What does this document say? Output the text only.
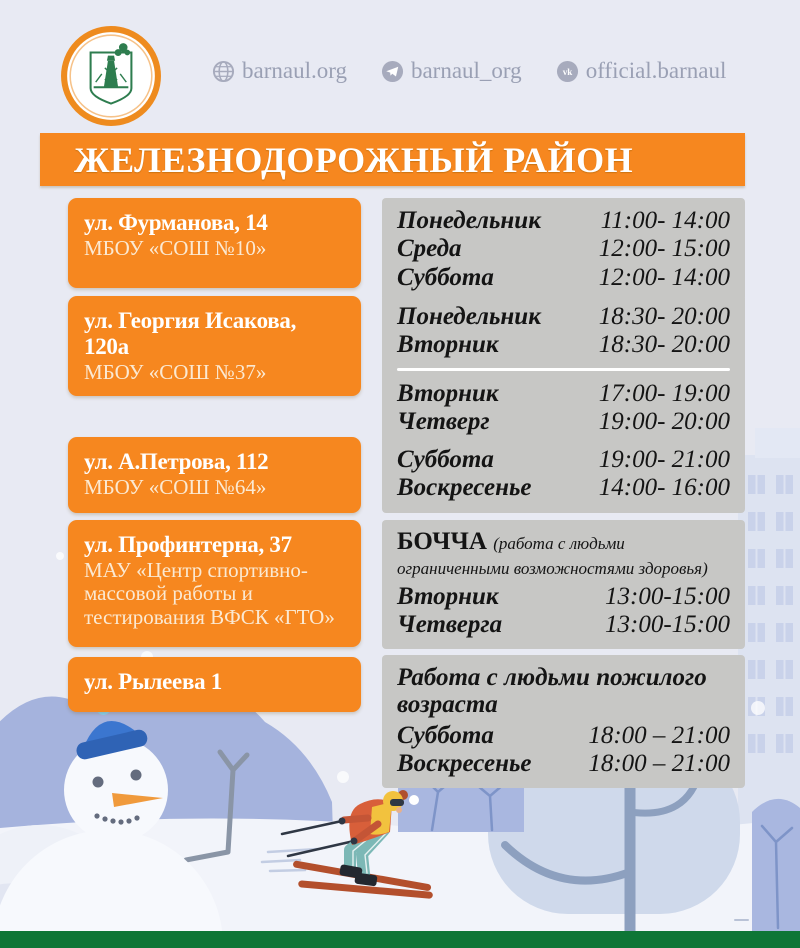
barnaul.org	barnaul_org	vk official.barnaul
ЖЕЛЕЗНОДОРОЖНЫЙ РАЙОН
ул. Фурманова, 14
МБОУ «СОШ №10»
Понедельник 11:00- 14:00
Среда	12:00- 15:00
Суббота	12:00- 14:00
ул. Георгия Исакова, 120а
МБОУ «СОШ №37»
Понедельник 18:30- 20:00
Вторник	18:30- 20:00
Вторник	17:00- 19:00
Четверг	19:00- 20:00
ул. А.Петрова, 112
МБОУ «СОШ №64»
Суббота	19:00- 21:00
Воскресенье	14:00- 16:00
ул. Профинтерна, 37
МАУ «Центр спортивно-массовой работы и тестирования ВФСК «ГТО»
БОЧЧА (работа с людьми ограниченными возможностями здоровья)
Вторник	13:00-15:00
Четверга	13:00-15:00
ул. Рылеева 1	Работа с людьми пожилого возраста
Суббота	18:00 – 21:00
Воскресенье 18:00 – 21:00
